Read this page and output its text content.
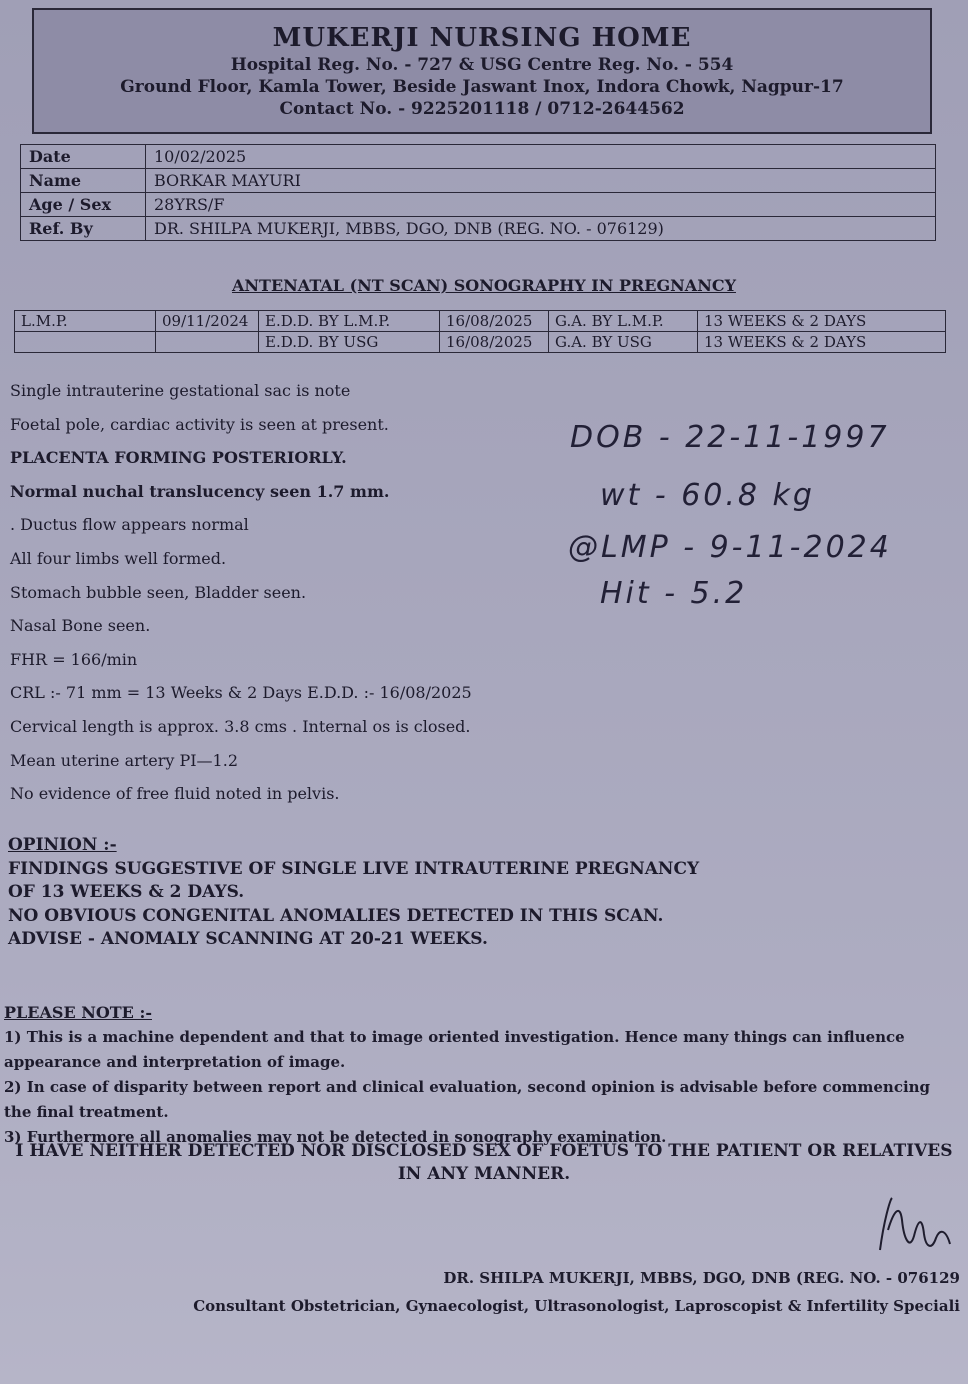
MUKERJI NURSING HOME
Hospital Reg. No. - 727 & USG Centre Reg. No. - 554
Ground Floor, Kamla Tower, Beside Jaswant Inox, Indora Chowk, Nagpur-17
Contact No. - 9225201118 / 0712-2644562
Date	10/02/2025
Name	BORKAR MAYURI
Age / Sex	28YRS/F
Ref. By	DR. SHILPA MUKERJI, MBBS, DGO, DNB (REG. NO. - 076129)
ANTENATAL (NT SCAN) SONOGRAPHY IN PREGNANCY
L.M.P.	09/11/2024	E.D.D. BY L.M.P.	16/08/2025	G.A. BY L.M.P.	13 WEEKS & 2 DAYS
		E.D.D. BY USG	16/08/2025	G.A. BY USG	13 WEEKS & 2 DAYS
Single intrauterine gestational sac is note
Foetal pole, cardiac activity is seen at present.
PLACENTA FORMING POSTERIORLY.
Normal nuchal translucency seen 1.7 mm.
. Ductus flow appears normal
All four limbs well formed.
Stomach bubble seen, Bladder seen.
Nasal Bone seen.
FHR = 166/min
CRL :- 71 mm = 13 Weeks & 2 Days E.D.D. :- 16/08/2025
Cervical length is approx. 3.8 cms . Internal os is closed.
Mean uterine artery PI—1.2
No evidence of free fluid noted in pelvis.
DOB - 22-11-1997
wt - 60.8 kg
@LMP - 9-11-2024
Hit - 5.2
OPINION :-
FINDINGS SUGGESTIVE OF SINGLE LIVE INTRAUTERINE PREGNANCY
OF 13 WEEKS & 2 DAYS.
NO OBVIOUS CONGENITAL ANOMALIES DETECTED IN THIS SCAN.
ADVISE - ANOMALY SCANNING AT 20-21 WEEKS.
PLEASE NOTE :-
1) This is a machine dependent and that to image oriented investigation. Hence many things can influence appearance and interpretation of image.
2) In case of disparity between report and clinical evaluation, second opinion is advisable before commencing the final treatment.
3) Furthermore all anomalies may not be detected in sonography examination.
I HAVE NEITHER DETECTED NOR DISCLOSED SEX OF FOETUS TO THE PATIENT OR RELATIVES
IN ANY MANNER.
DR. SHILPA MUKERJI, MBBS, DGO, DNB (REG. NO. - 076129
Consultant Obstetrician, Gynaecologist, Ultrasonologist, Laproscopist & Infertility Speciali
